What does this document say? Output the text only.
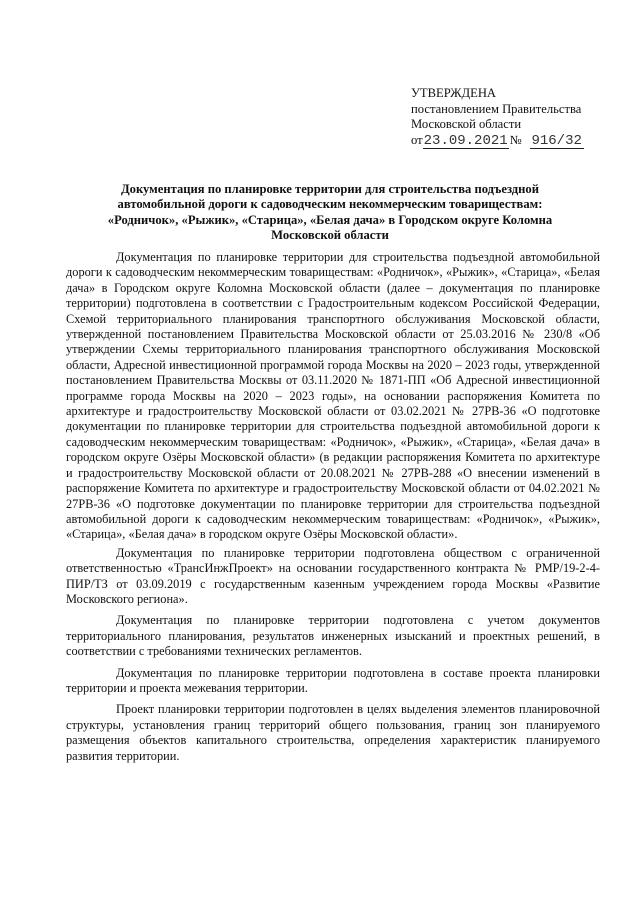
УТВЕРЖДЕНА
постановлением Правительства
Московской области
от23.09.2021 № 916/32
Документация по планировке территории для строительства подъездной автомобильной дороги к садоводческим некоммерческим товариществам: «Родничок», «Рыжик», «Старица», «Белая дача» в Городском округе Коломна Московской области

Документация по планировке территории для строительства подъездной автомобильной дороги к садоводческим некоммерческим товариществам: «Родничок», «Рыжик», «Старица», «Белая дача» в Городском округе Коломна Московской области (далее – документация по планировке территории) подготовлена в соответствии с Градостроительным кодексом Российской Федерации, Схемой территориального планирования транспортного обслуживания Московской области, утвержденной постановлением Правительства Московской области от 25.03.2016 № 230/8 «Об утверждении Схемы территориального планирования транспортного обслуживания Московской области, Адресной инвестиционной программой города Москвы на 2020 – 2023 годы, утвержденной постановлением Правительства Москвы от 03.11.2020 № 1871-ПП «Об Адресной инвестиционной программе города Москвы на 2020 – 2023 годы», на основании распоряжения Комитета по архитектуре и градостроительству Московской области от 03.02.2021 № 27РВ-36 «О подготовке документации по планировке территории для строительства подъездной автомобильной дороги к садоводческим некоммерческим товариществам: «Родничок», «Рыжик», «Старица», «Белая дача» в городском округе Озёры Московской области» (в редакции распоряжения Комитета по архитектуре и градостроительству Московской области от 20.08.2021 № 27РВ-288 «О внесении изменений в распоряжение Комитета по архитектуре и градостроительству Московской области от 04.02.2021 № 27РВ-36 «О подготовке документации по планировке территории для строительства подъездной автомобильной дороги к садоводческим некоммерческим товариществам: «Родничок», «Рыжик», «Старица», «Белая дача» в городском округе Озёры Московской области».

Документация по планировке территории подготовлена обществом с ограниченной ответственностью «ТрансИнжПроект» на основании государственного контракта № РМР/19-2-4-ПИР/ТЗ от 03.09.2019 с государственным казенным учреждением города Москвы «Развитие Московского региона».

Документация по планировке территории подготовлена с учетом документов территориального планирования, результатов инженерных изысканий и проектных решений, в соответствии с требованиями технических регламентов.

Документация по планировке территории подготовлена в составе проекта планировки территории и проекта межевания территории.

Проект планировки территории подготовлен в целях выделения элементов планировочной структуры, установления границ территорий общего пользования, границ зон планируемого размещения объектов капитального строительства, определения характеристик планируемого развития территории.
